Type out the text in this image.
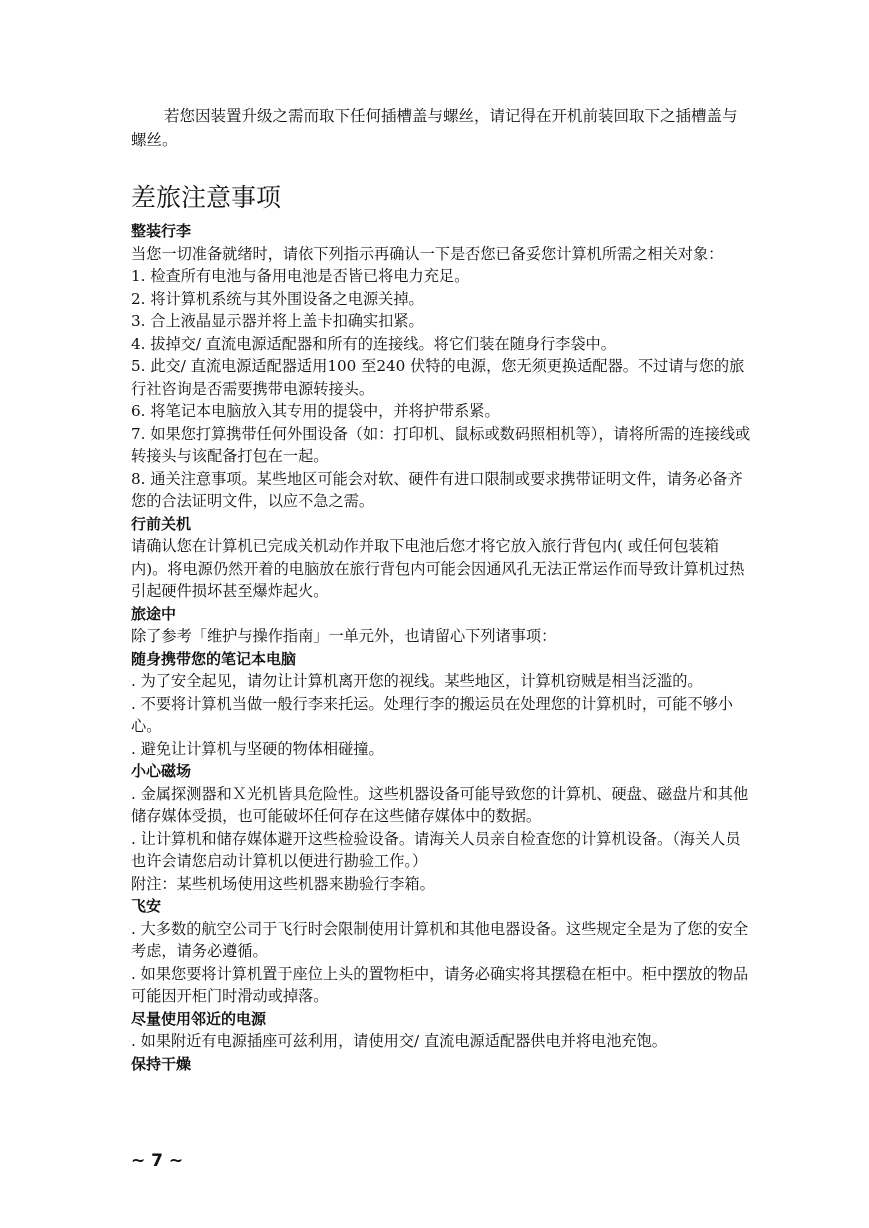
若您因装置升级之需而取下任何插槽盖与螺丝，请记得在开机前装回取下之插槽盖与螺丝。

差旅注意事项

整装行李

当您一切准备就绪时，请依下列指示再确认一下是否您已备妥您计算机所需之相关对象：

1. 检查所有电池与备用电池是否皆已将电力充足。

2. 将计算机系统与其外围设备之电源关掉。

3. 合上液晶显示器并将上盖卡扣确实扣紧。

4. 拔掉交/ 直流电源适配器和所有的连接线。将它们装在随身行李袋中。

5. 此交/ 直流电源适配器适用100 至240 伏特的电源，您无须更换适配器。不过请与您的旅行社咨询是否需要携带电源转接头。

6. 将笔记本电脑放入其专用的提袋中，并将护带系紧。

7. 如果您打算携带任何外围设备（如：打印机、鼠标或数码照相机等），请将所需的连接线或转接头与该配备打包在一起。

8. 通关注意事项。某些地区可能会对软、硬件有进口限制或要求携带证明文件，请务必备齐您的合法证明文件，以应不急之需。

行前关机

请确认您在计算机已完成关机动作并取下电池后您才将它放入旅行背包内( 或任何包装箱内)。将电源仍然开着的电脑放在旅行背包内可能会因通风孔无法正常运作而导致计算机过热引起硬件损坏甚至爆炸起火。

旅途中

除了参考「维护与操作指南」一单元外，也请留心下列诸事项：

随身携带您的笔记本电脑

. 为了安全起见，请勿让计算机离开您的视线。某些地区，计算机窃贼是相当泛滥的。

. 不要将计算机当做一般行李来托运。处理行李的搬运员在处理您的计算机时，可能不够小心。

. 避免让计算机与坚硬的物体相碰撞。

小心磁场

. 金属探测器和Ｘ光机皆具危险性。这些机器设备可能导致您的计算机、硬盘、磁盘片和其他储存媒体受损，也可能破坏任何存在这些储存媒体中的数据。

. 让计算机和储存媒体避开这些检验设备。请海关人员亲自检查您的计算机设备。（海关人员也许会请您启动计算机以便进行勘验工作。）

附注：某些机场使用这些机器来勘验行李箱。

飞安

. 大多数的航空公司于飞行时会限制使用计算机和其他电器设备。这些规定全是为了您的安全考虑，请务必遵循。

. 如果您要将计算机置于座位上头的置物柜中，请务必确实将其摆稳在柜中。柜中摆放的物品可能因开柜门时滑动或掉落。

尽量使用邻近的电源

. 如果附近有电源插座可兹利用，请使用交/ 直流电源适配器供电并将电池充饱。

保持干燥

~ 7 ~
